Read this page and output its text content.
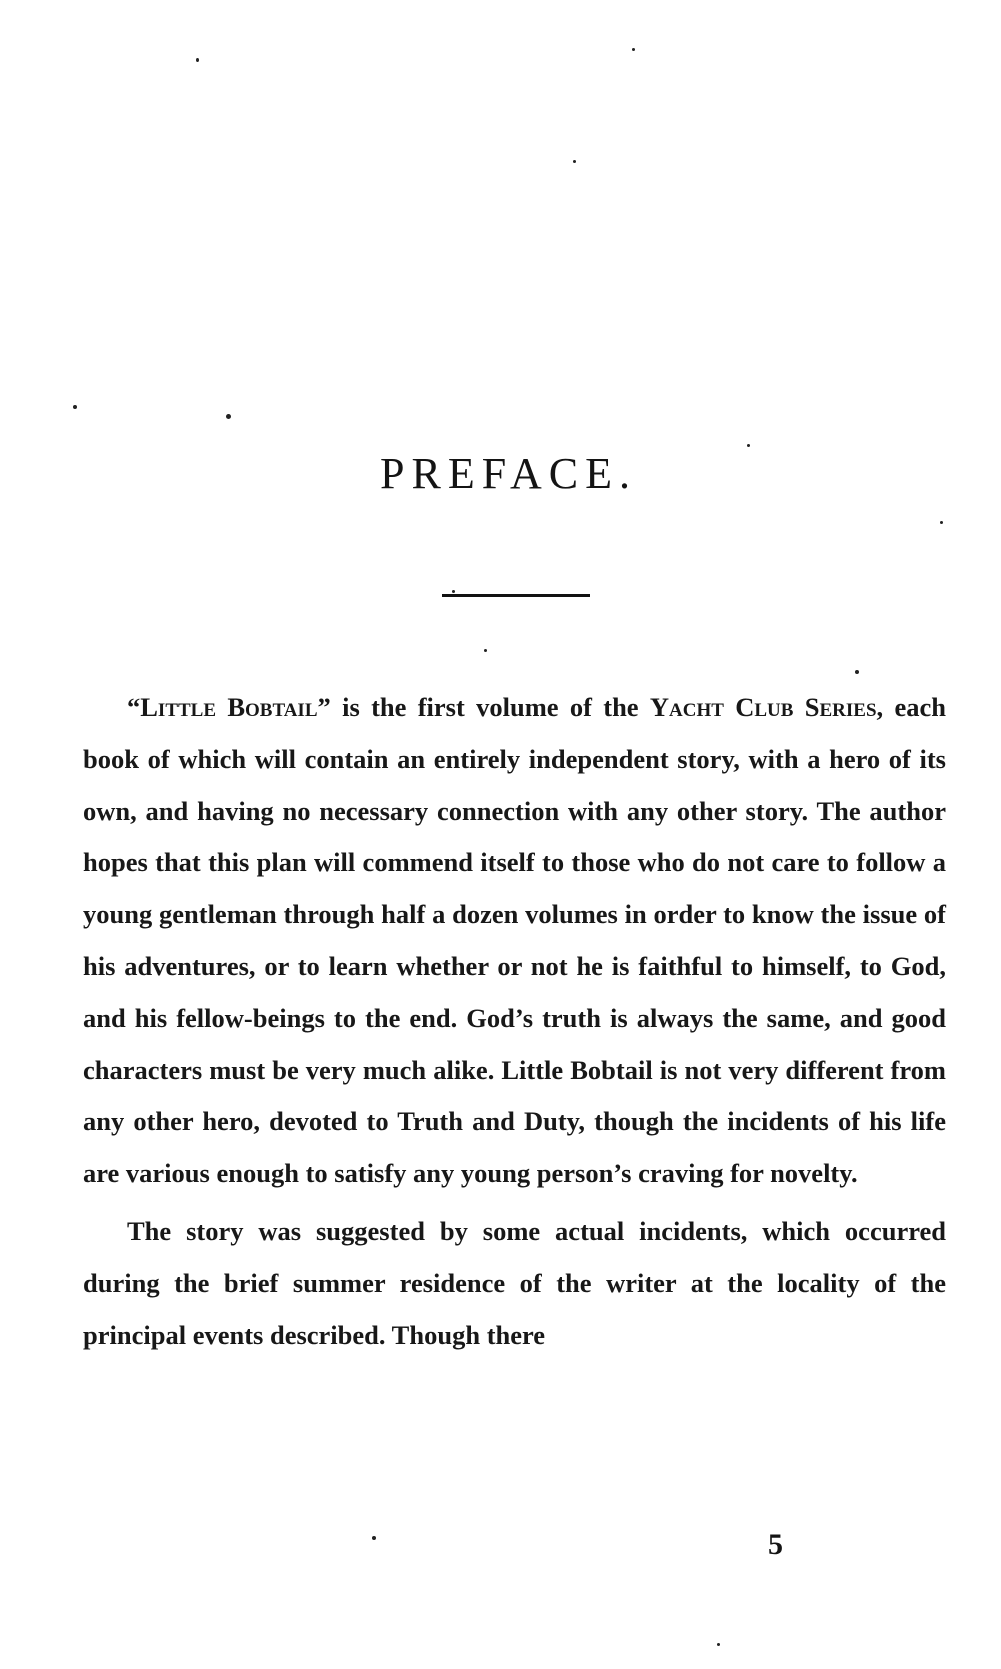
PREFACE.

“Little Bobtail” is the first volume of the Yacht Club Series, each book of which will contain an entirely independent story, with a hero of its own, and having no necessary connection with any other story. The author hopes that this plan will commend itself to those who do not care to follow a young gentleman through half a dozen volumes in order to know the issue of his adventures, or to learn whether or not he is faithful to himself, to God, and his fellow-beings to the end. God’s truth is always the same, and good characters must be very much alike. Little Bobtail is not very different from any other hero, devoted to Truth and Duty, though the incidents of his life are various enough to satisfy any young person’s craving for novelty.

The story was suggested by some actual incidents, which occurred during the brief summer residence of the writer at the locality of the principal events described. Though there

5
